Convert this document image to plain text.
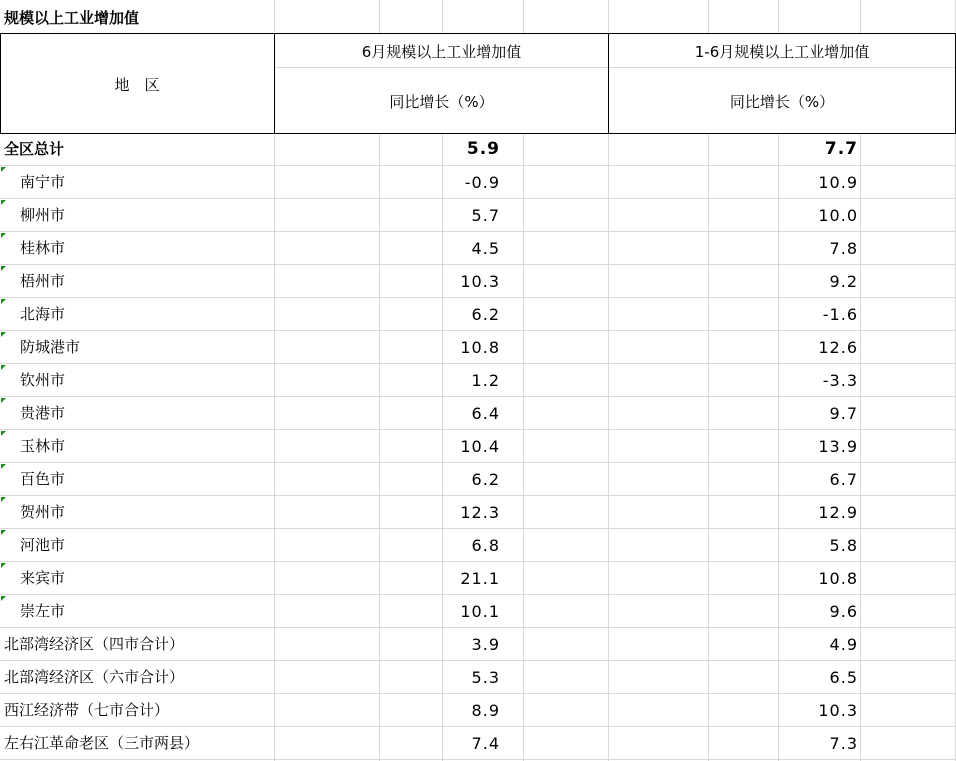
规模以上工业增加值
地　区
6月规模以上工业增加值	1-6月规模以上工业增加值
同比增长（%）	同比增长（%）
全区总计	5.9	7.7
南宁市	-0.9	10.9
柳州市	5.7	10.0
桂林市	4.5	7.8
梧州市	10.3	9.2
北海市	6.2	-1.6
防城港市	10.8	12.6
钦州市	1.2	-3.3
贵港市	6.4	9.7
玉林市	10.4	13.9
百色市	6.2	6.7
贺州市	12.3	12.9
河池市	6.8	5.8
来宾市	21.1	10.8
崇左市	10.1	9.6
北部湾经济区（四市合计）	3.9	4.9
北部湾经济区（六市合计）	5.3	6.5
西江经济带（七市合计）	8.9	10.3
左右江革命老区（三市两县）	7.4	7.3
